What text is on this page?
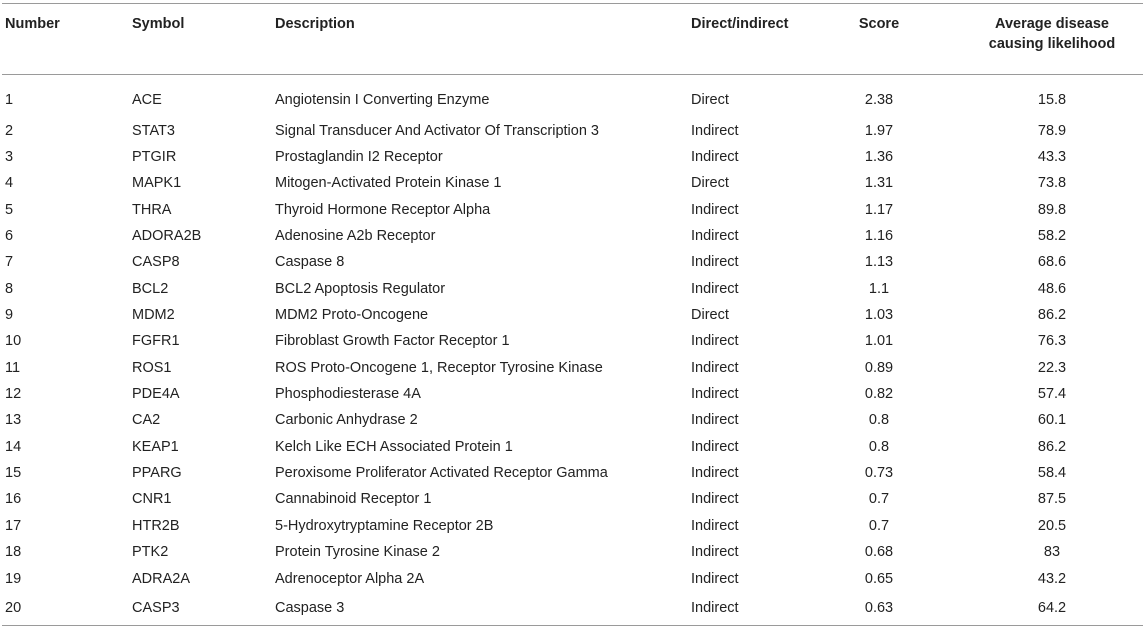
Number	Symbol	Description	Direct/indirect	Score	Average disease
causing likelihood
1	ACE	Angiotensin I Converting Enzyme	Direct	2.38	15.8
2	STAT3	Signal Transducer And Activator Of Transcription 3	Indirect	1.97	78.9
3	PTGIR	Prostaglandin I2 Receptor	Indirect	1.36	43.3
4	MAPK1	Mitogen-Activated Protein Kinase 1	Direct	1.31	73.8
5	THRA	Thyroid Hormone Receptor Alpha	Indirect	1.17	89.8
6	ADORA2B	Adenosine A2b Receptor	Indirect	1.16	58.2
7	CASP8	Caspase 8	Indirect	1.13	68.6
8	BCL2	BCL2 Apoptosis Regulator	Indirect	1.1	48.6
9	MDM2	MDM2 Proto-Oncogene	Direct	1.03	86.2
10	FGFR1	Fibroblast Growth Factor Receptor 1	Indirect	1.01	76.3
11	ROS1	ROS Proto-Oncogene 1, Receptor Tyrosine Kinase	Indirect	0.89	22.3
12	PDE4A	Phosphodiesterase 4A	Indirect	0.82	57.4
13	CA2	Carbonic Anhydrase 2	Indirect	0.8	60.1
14	KEAP1	Kelch Like ECH Associated Protein 1	Indirect	0.8	86.2
15	PPARG	Peroxisome Proliferator Activated Receptor Gamma	Indirect	0.73	58.4
16	CNR1	Cannabinoid Receptor 1	Indirect	0.7	87.5
17	HTR2B	5-Hydroxytryptamine Receptor 2B	Indirect	0.7	20.5
18	PTK2	Protein Tyrosine Kinase 2	Indirect	0.68	83
19	ADRA2A	Adrenoceptor Alpha 2A	Indirect	0.65	43.2
20	CASP3	Caspase 3	Indirect	0.63	64.2
